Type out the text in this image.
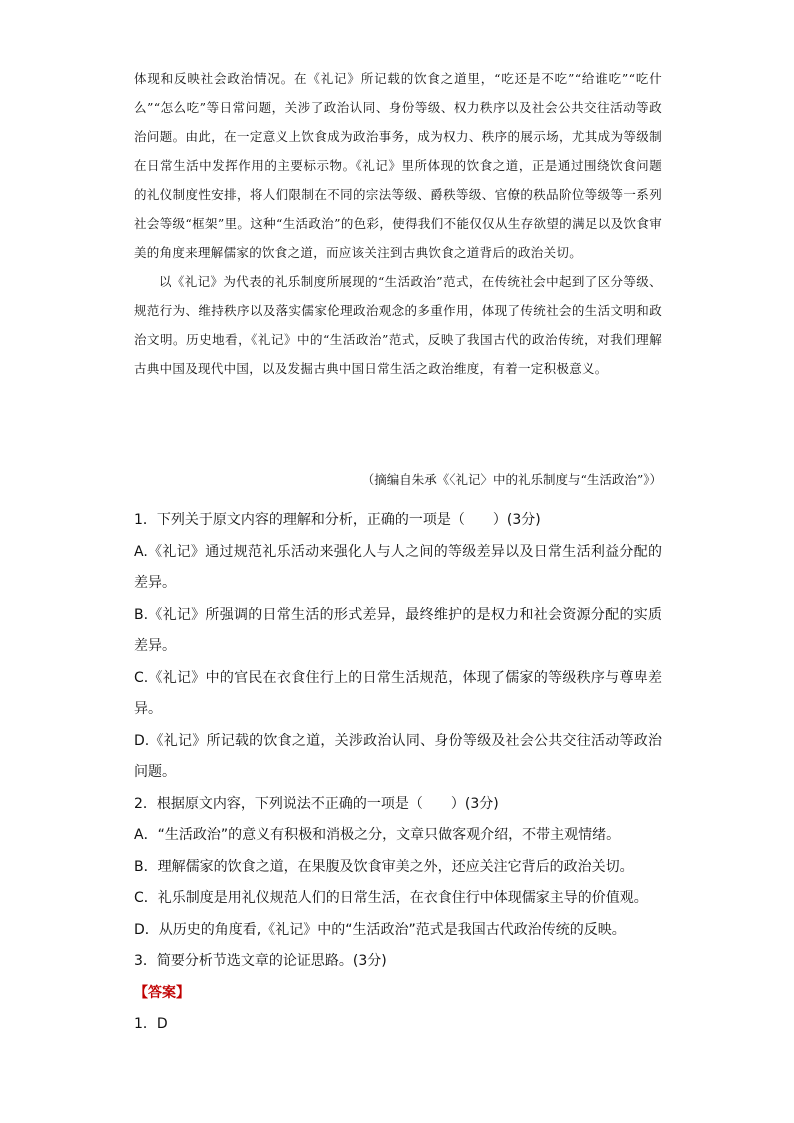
体现和反映社会政治情况。在《礼记》所记载的饮食之道里，“吃还是不吃”“给谁吃”“吃什么”“怎么吃”等日常问题，关涉了政治认同、身份等级、权力秩序以及社会公共交往活动等政治问题。由此，在一定意义上饮食成为政治事务，成为权力、秩序的展示场，尤其成为等级制在日常生活中发挥作用的主要标示物。《礼记》里所体现的饮食之道，正是通过围绕饮食问题的礼仪制度性安排，将人们限制在不同的宗法等级、爵秩等级、官僚的秩品阶位等级等一系列社会等级“框架”里。这种“生活政治”的色彩，使得我们不能仅仅从生存欲望的满足以及饮食审美的角度来理解儒家的饮食之道，而应该关注到古典饮食之道背后的政治关切。

以《礼记》为代表的礼乐制度所展现的“生活政治”范式，在传统社会中起到了区分等级、规范行为、维持秩序以及落实儒家伦理政治观念的多重作用，体现了传统社会的生活文明和政治文明。历史地看，《礼记》中的“生活政治”范式，反映了我国古代的政治传统，对我们理解古典中国及现代中国，以及发掘古典中国日常生活之政治维度，有着一定积极意义。

（摘编自朱承《〈礼记〉中的礼乐制度与“生活政治”》）

1．下列关于原文内容的理解和分析，正确的一项是（　　）(3分)

A.《礼记》通过规范礼乐活动来强化人与人之间的等级差异以及日常生活利益分配的差异。

B.《礼记》所强调的日常生活的形式差异，最终维护的是权力和社会资源分配的实质差异。

C.《礼记》中的官民在衣食住行上的日常生活规范，体现了儒家的等级秩序与尊卑差异。

D.《礼记》所记载的饮食之道，关涉政治认同、身份等级及社会公共交往活动等政治问题。

2．根据原文内容，下列说法不正确的一项是（　　）(3分)

A．“生活政治”的意义有积极和消极之分，文章只做客观介绍，不带主观情绪。

B．理解儒家的饮食之道，在果腹及饮食审美之外，还应关注它背后的政治关切。

C．礼乐制度是用礼仪规范人们的日常生活，在衣食住行中体现儒家主导的价值观。

D．从历史的角度看,《礼记》中的“生活政治”范式是我国古代政治传统的反映。

3．简要分析节选文章的论证思路。(3分)

【答案】

1．D
